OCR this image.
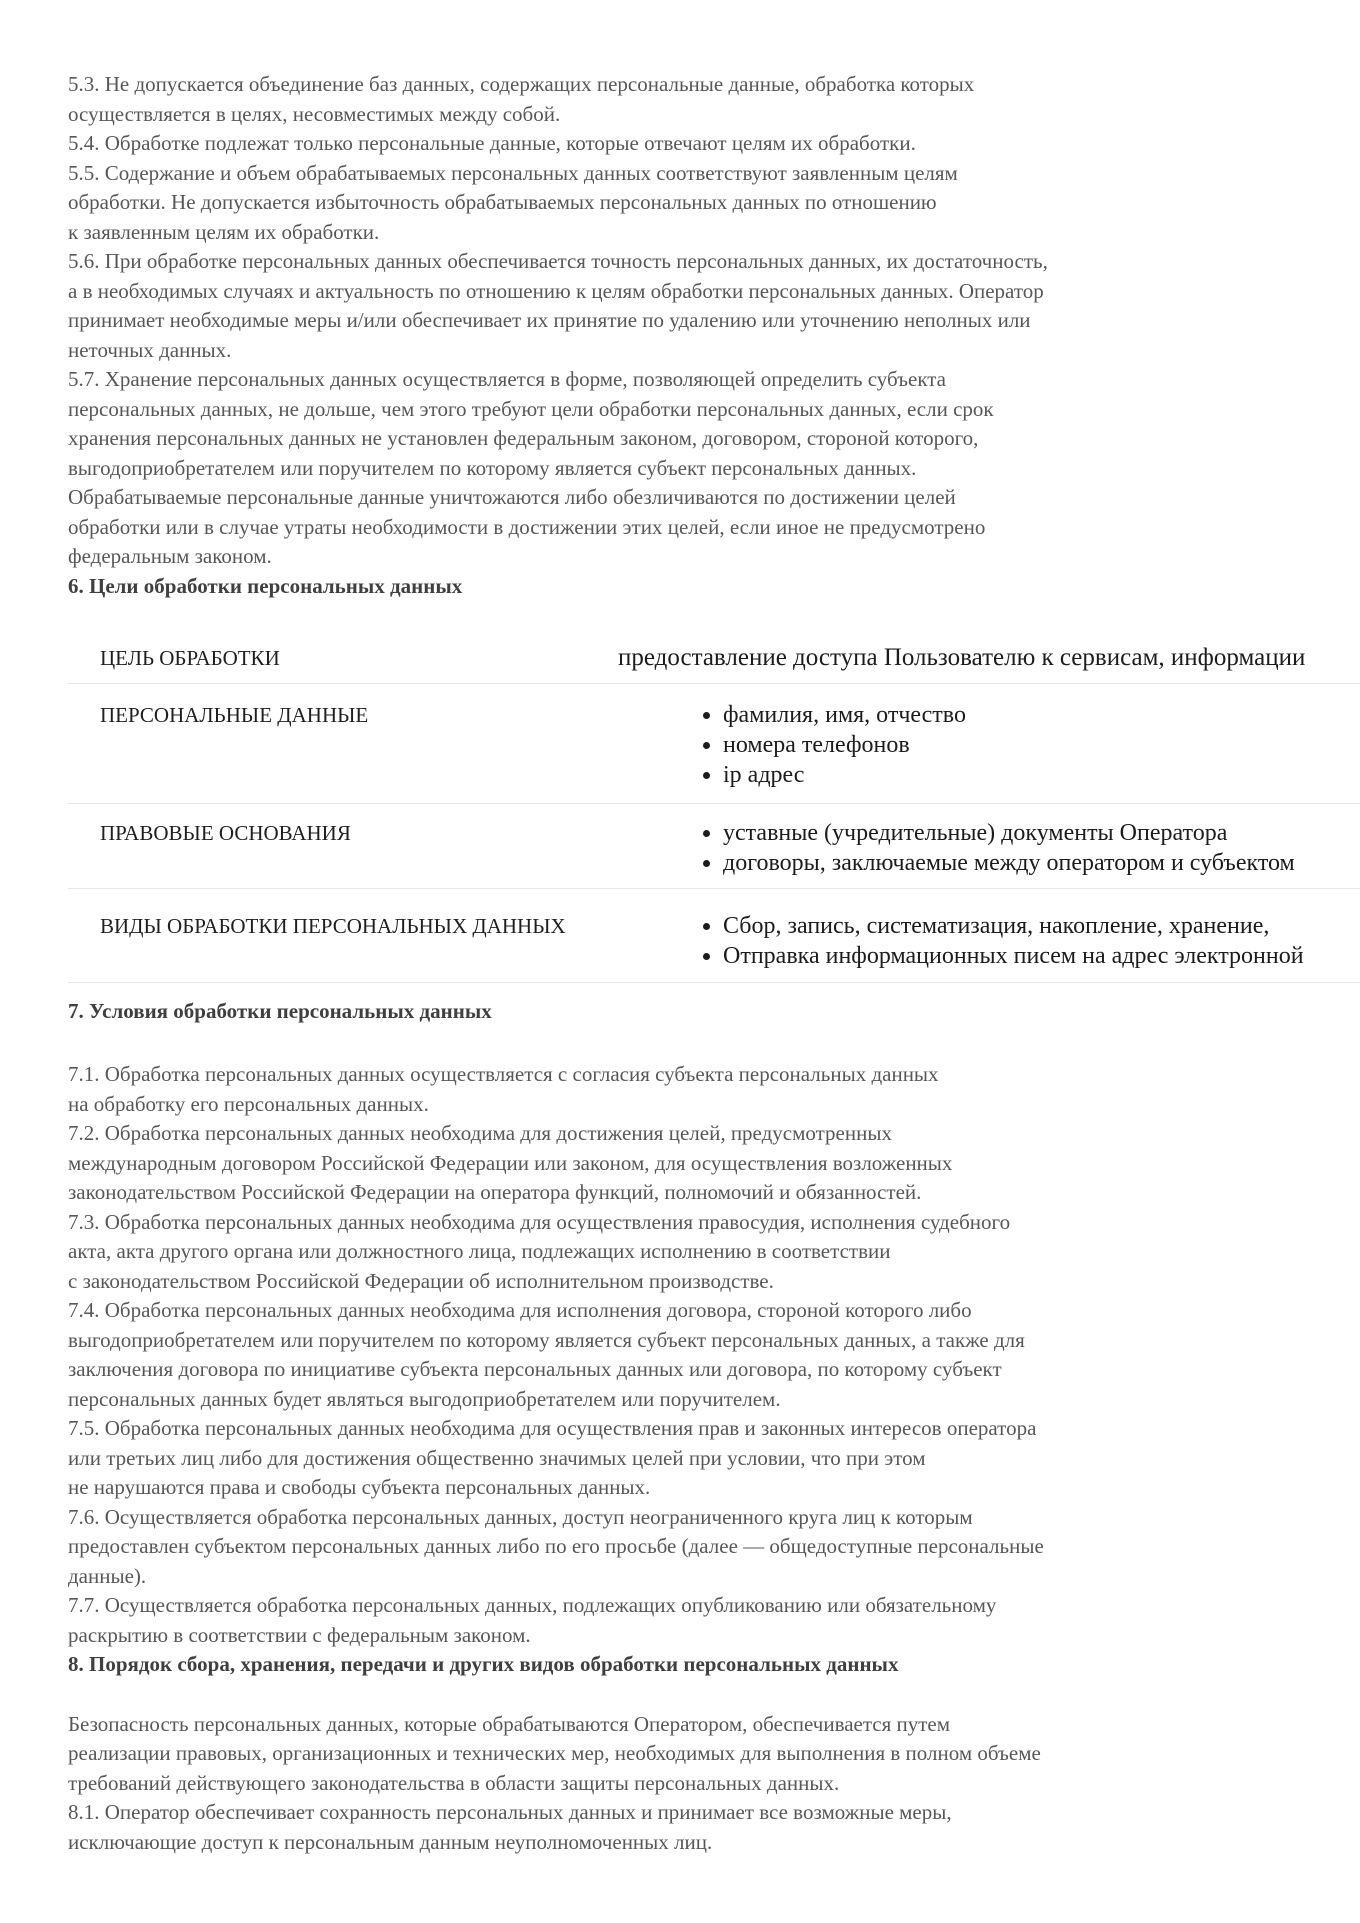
5.3. Не допускается объединение баз данных, содержащих персональные данные, обработка которых
осуществляется в целях, несовместимых между собой.
5.4. Обработке подлежат только персональные данные, которые отвечают целям их обработки.
5.5. Содержание и объем обрабатываемых персональных данных соответствуют заявленным целям
обработки. Не допускается избыточность обрабатываемых персональных данных по отношению
к заявленным целям их обработки.
5.6. При обработке персональных данных обеспечивается точность персональных данных, их достаточность,
а в необходимых случаях и актуальность по отношению к целям обработки персональных данных. Оператор
принимает необходимые меры и/или обеспечивает их принятие по удалению или уточнению неполных или
неточных данных.
5.7. Хранение персональных данных осуществляется в форме, позволяющей определить субъекта
персональных данных, не дольше, чем этого требуют цели обработки персональных данных, если срок
хранения персональных данных не установлен федеральным законом, договором, стороной которого,
выгодоприобретателем или поручителем по которому является субъект персональных данных.
Обрабатываемые персональные данные уничтожаются либо обезличиваются по достижении целей
обработки или в случае утраты необходимости в достижении этих целей, если иное не предусмотрено
федеральным законом.
6. Цели обработки персональных данных
ЦЕЛЬ ОБРАБОТКИ	предоставление доступа Пользователю к сервисам, информации

ПЕРСОНАЛЬНЫЕ ДАННЫЕ	
•фамилия, имя, отчество
• номера телефонов
• ip адрес

ПРАВОВЫЕ ОСНОВАНИЯ	
•уставные (учредительные) документы Оператора
• договоры, заключаемые между оператором и субъектом

ВИДЫ ОБРАБОТКИ ПЕРСОНАЛЬНЫХ ДАННЫХ	
•Сбор, запись, систематизация, накопление, хранение,
• Отправка информационных писем на адрес электронной
7. Условия обработки персональных данных
7.1. Обработка персональных данных осуществляется с согласия субъекта персональных данных
на обработку его персональных данных.
7.2. Обработка персональных данных необходима для достижения целей, предусмотренных
международным договором Российской Федерации или законом, для осуществления возложенных
законодательством Российской Федерации на оператора функций, полномочий и обязанностей.
7.3. Обработка персональных данных необходима для осуществления правосудия, исполнения судебного
акта, акта другого органа или должностного лица, подлежащих исполнению в соответствии
с законодательством Российской Федерации об исполнительном производстве.
7.4. Обработка персональных данных необходима для исполнения договора, стороной которого либо
выгодоприобретателем или поручителем по которому является субъект персональных данных, а также для
заключения договора по инициативе субъекта персональных данных или договора, по которому субъект
персональных данных будет являться выгодоприобретателем или поручителем.
7.5. Обработка персональных данных необходима для осуществления прав и законных интересов оператора
или третьих лиц либо для достижения общественно значимых целей при условии, что при этом
не нарушаются права и свободы субъекта персональных данных.
7.6. Осуществляется обработка персональных данных, доступ неограниченного круга лиц к которым
предоставлен субъектом персональных данных либо по его просьбе (далее — общедоступные персональные
данные).
7.7. Осуществляется обработка персональных данных, подлежащих опубликованию или обязательному
раскрытию в соответствии с федеральным законом.
8. Порядок сбора, хранения, передачи и других видов обработки персональных данных
Безопасность персональных данных, которые обрабатываются Оператором, обеспечивается путем
реализации правовых, организационных и технических мер, необходимых для выполнения в полном объеме
требований действующего законодательства в области защиты персональных данных.
8.1. Оператор обеспечивает сохранность персональных данных и принимает все возможные меры,
исключающие доступ к персональным данным неуполномоченных лиц.
